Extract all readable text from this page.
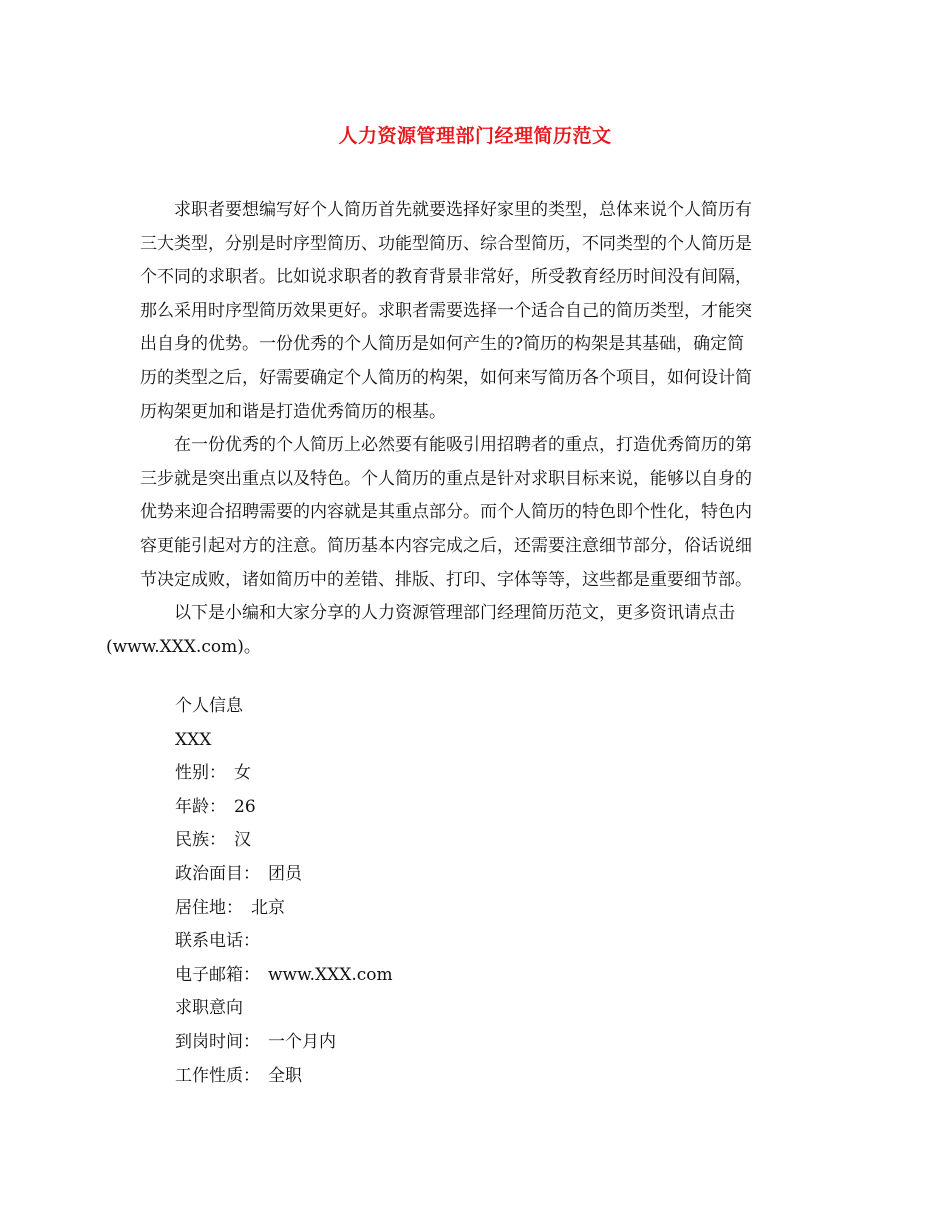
人力资源管理部门经理简历范文

求职者要想编写好个人简历首先就要选择好家里的类型，总体来说个人简历有
三大类型，分别是时序型简历、功能型简历、综合型简历，不同类型的个人简历是
个不同的求职者。比如说求职者的教育背景非常好，所受教育经历时间没有间隔，
那么采用时序型简历效果更好。求职者需要选择一个适合自己的简历类型，才能突
出自身的优势。一份优秀的个人简历是如何产生的?简历的构架是其基础，确定简
历的类型之后，好需要确定个人简历的构架，如何来写简历各个项目，如何设计简
历构架更加和谐是打造优秀简历的根基。

在一份优秀的个人简历上必然要有能吸引用招聘者的重点，打造优秀简历的第
三步就是突出重点以及特色。个人简历的重点是针对求职目标来说，能够以自身的
优势来迎合招聘需要的内容就是其重点部分。而个人简历的特色即个性化，特色内
容更能引起对方的注意。简历基本内容完成之后，还需要注意细节部分，俗话说细
节决定成败，诸如简历中的差错、排版、打印、字体等等，这些都是重要细节部。

以下是小编和大家分享的人力资源管理部门经理简历范文，更多资讯请点击
(www.XXX.com)。

个人信息
XXX
性别： 女
年龄： 26
民族： 汉
政治面目： 团员
居住地： 北京
联系电话：
电子邮箱： www.XXX.com
求职意向
到岗时间： 一个月内
工作性质： 全职
